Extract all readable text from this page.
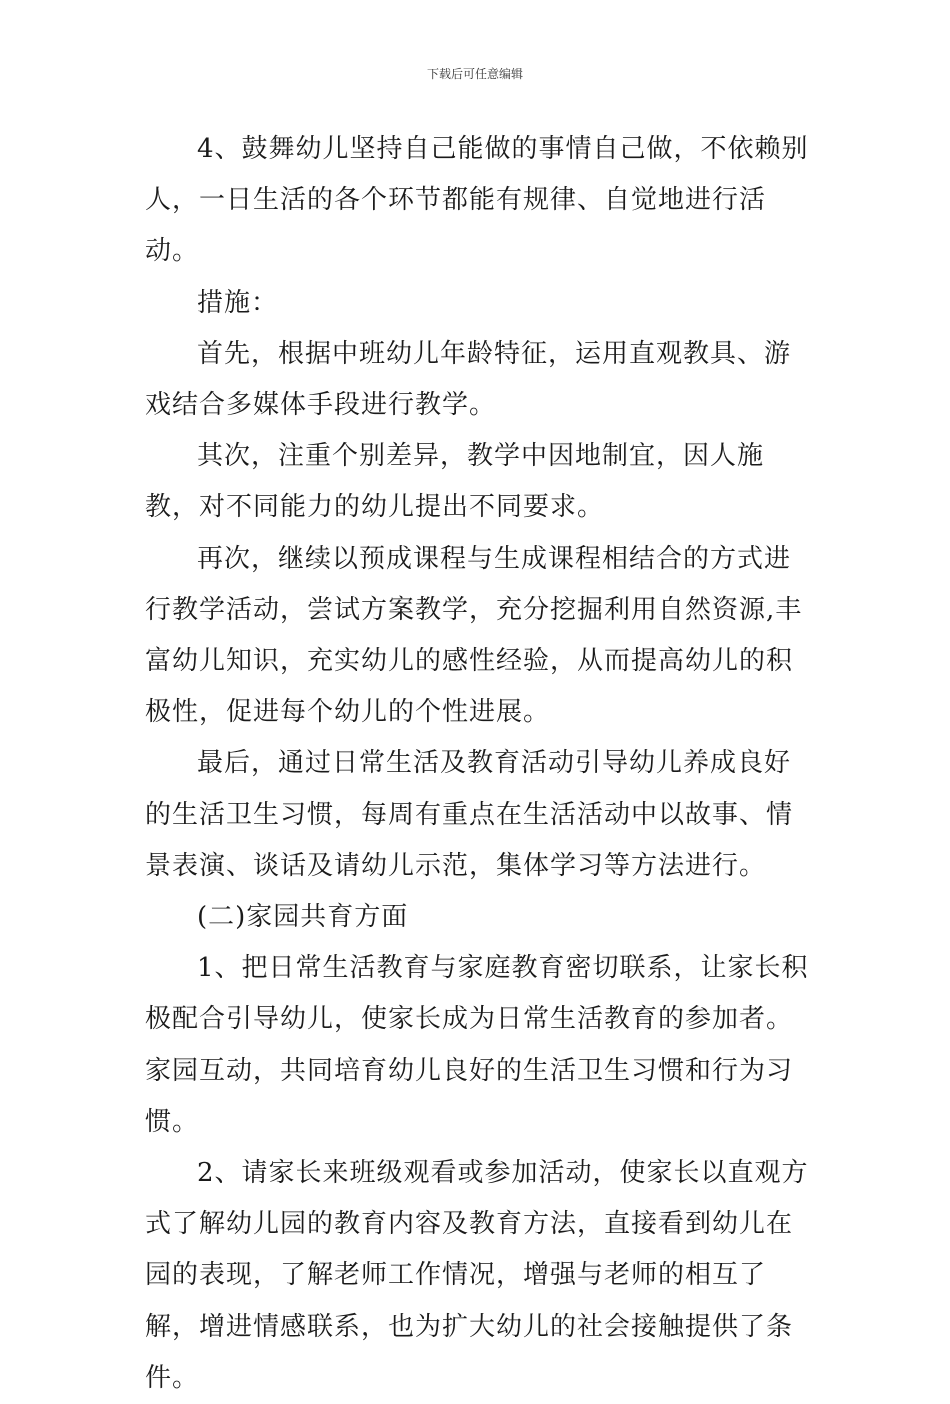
下载后可任意编辑

4、鼓舞幼儿坚持自己能做的事情自己做，不依赖别人，一日生活的各个环节都能有规律、自觉地进行活动。

措施：

首先，根据中班幼儿年龄特征，运用直观教具、游戏结合多媒体手段进行教学。

其次，注重个别差异，教学中因地制宜，因人施教，对不同能力的幼儿提出不同要求。

再次，继续以预成课程与生成课程相结合的方式进行教学活动，尝试方案教学，充分挖掘利用自然资源,丰富幼儿知识，充实幼儿的感性经验，从而提高幼儿的积极性，促进每个幼儿的个性进展。

最后，通过日常生活及教育活动引导幼儿养成良好的生活卫生习惯，每周有重点在生活活动中以故事、情景表演、谈话及请幼儿示范，集体学习等方法进行。

(二)家园共育方面

1、把日常生活教育与家庭教育密切联系，让家长积极配合引导幼儿，使家长成为日常生活教育的参加者。家园互动，共同培育幼儿良好的生活卫生习惯和行为习惯。

2、请家长来班级观看或参加活动，使家长以直观方式了解幼儿园的教育内容及教育方法，直接看到幼儿在园的表现，了解老师工作情况，增强与老师的相互了解，增进情感联系，也为扩大幼儿的社会接触提供了条件。
